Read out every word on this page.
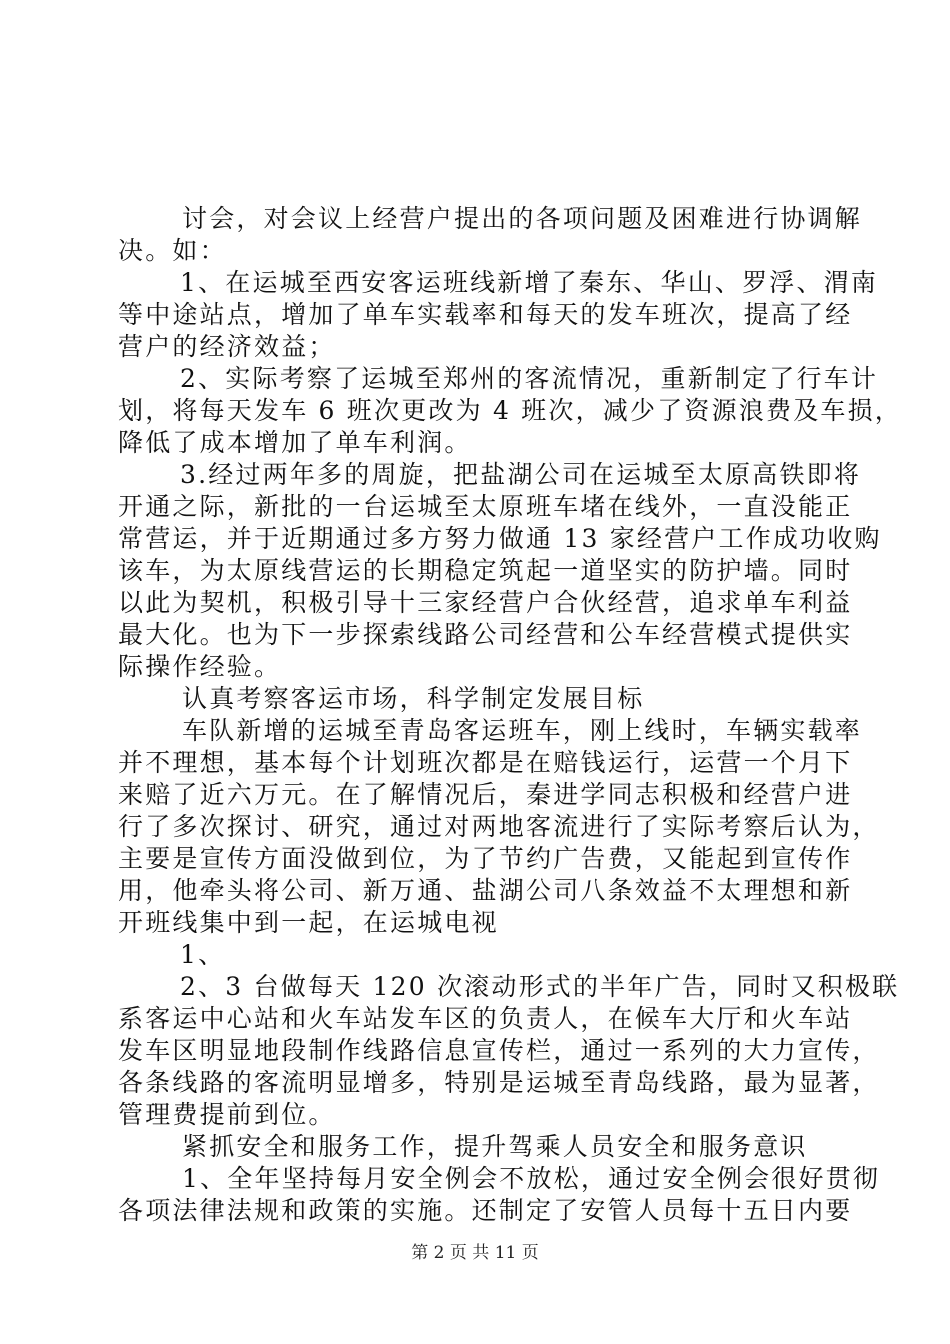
讨会，对会议上经营户提出的各项问题及困难进行协调解
决。如：
1、在运城至西安客运班线新增了秦东、华山、罗浮、渭南
等中途站点，增加了单车实载率和每天的发车班次，提高了经
营户的经济效益；
2、实际考察了运城至郑州的客流情况，重新制定了行车计
划，将每天发车 6 班次更改为 4 班次，减少了资源浪费及车损，
降低了成本增加了单车利润。
3.经过两年多的周旋，把盐湖公司在运城至太原高铁即将
开通之际，新批的一台运城至太原班车堵在线外，一直没能正
常营运，并于近期通过多方努力做通 13 家经营户工作成功收购
该车，为太原线营运的长期稳定筑起一道坚实的防护墙。同时
以此为契机，积极引导十三家经营户合伙经营，追求单车利益
最大化。也为下一步探索线路公司经营和公车经营模式提供实
际操作经验。
认真考察客运市场，科学制定发展目标
车队新增的运城至青岛客运班车，刚上线时，车辆实载率
并不理想，基本每个计划班次都是在赔钱运行，运营一个月下
来赔了近六万元。在了解情况后，秦进学同志积极和经营户进
行了多次探讨、研究，通过对两地客流进行了实际考察后认为，
主要是宣传方面没做到位，为了节约广告费，又能起到宣传作
用，他牵头将公司、新万通、盐湖公司八条效益不太理想和新
开班线集中到一起，在运城电视
1、
2、3 台做每天 120 次滚动形式的半年广告，同时又积极联
系客运中心站和火车站发车区的负责人，在候车大厅和火车站
发车区明显地段制作线路信息宣传栏，通过一系列的大力宣传，
各条线路的客流明显增多，特别是运城至青岛线路，最为显著，
管理费提前到位。
紧抓安全和服务工作，提升驾乘人员安全和服务意识
1、全年坚持每月安全例会不放松，通过安全例会很好贯彻
各项法律法规和政策的实施。还制定了安管人员每十五日内要
第 2 页 共 11 页
